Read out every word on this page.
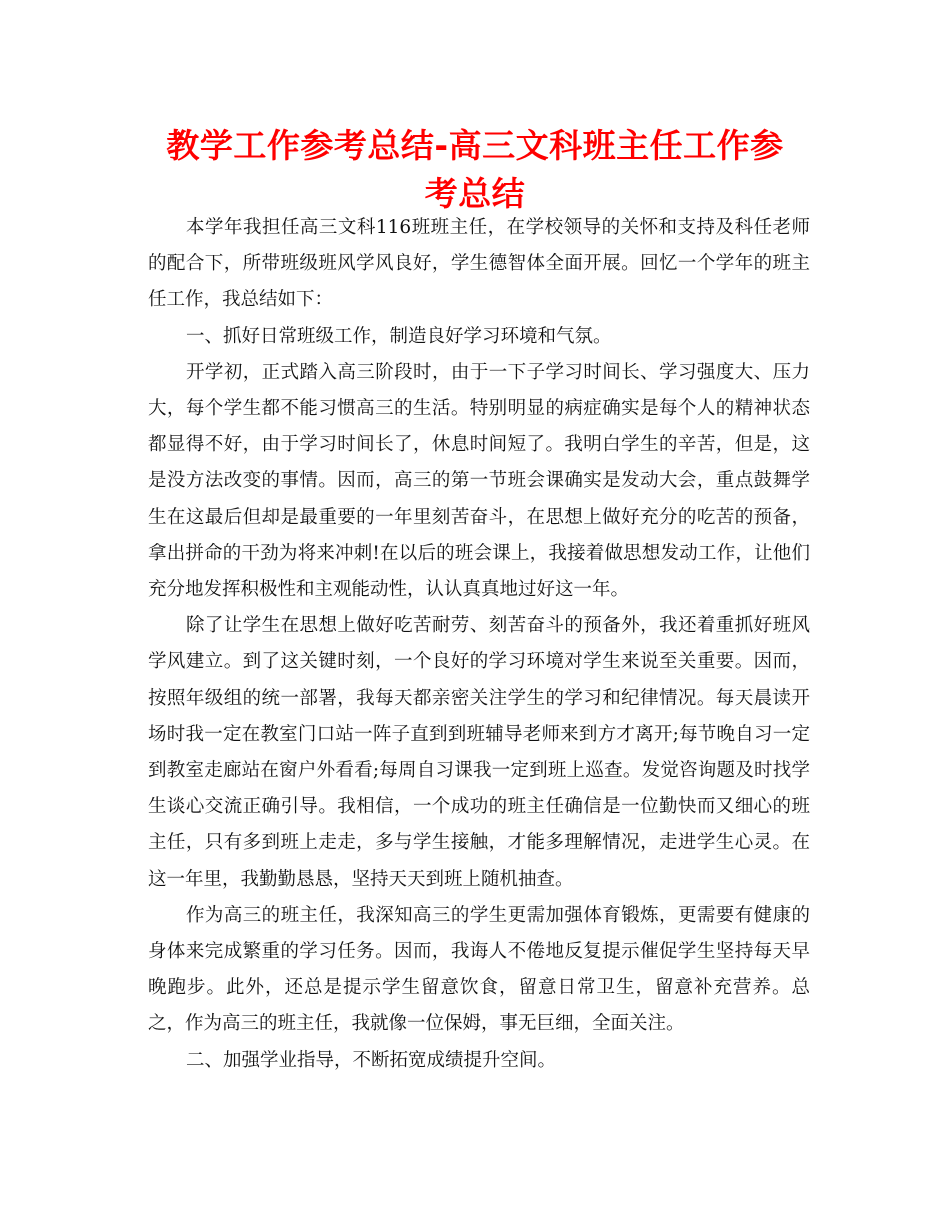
教学工作参考总结-高三文科班主任工作参考总结

本学年我担任高三文科116班班主任，在学校领导的关怀和支持及科任老师的配合下，所带班级班风学风良好，学生德智体全面开展。回忆一个学年的班主任工作，我总结如下：

一、抓好日常班级工作，制造良好学习环境和气氛。

开学初，正式踏入高三阶段时，由于一下子学习时间长、学习强度大、压力大，每个学生都不能习惯高三的生活。特别明显的病症确实是每个人的精神状态都显得不好，由于学习时间长了，休息时间短了。我明白学生的辛苦，但是，这是没方法改变的事情。因而，高三的第一节班会课确实是发动大会，重点鼓舞学生在这最后但却是最重要的一年里刻苦奋斗，在思想上做好充分的吃苦的预备，拿出拼命的干劲为将来冲刺!在以后的班会课上，我接着做思想发动工作，让他们充分地发挥积极性和主观能动性，认认真真地过好这一年。

除了让学生在思想上做好吃苦耐劳、刻苦奋斗的预备外，我还着重抓好班风学风建立。到了这关键时刻，一个良好的学习环境对学生来说至关重要。因而，按照年级组的统一部署，我每天都亲密关注学生的学习和纪律情况。每天晨读开场时我一定在教室门口站一阵子直到到班辅导老师来到方才离开;每节晚自习一定到教室走廊站在窗户外看看;每周自习课我一定到班上巡查。发觉咨询题及时找学生谈心交流正确引导。我相信，一个成功的班主任确信是一位勤快而又细心的班主任，只有多到班上走走，多与学生接触，才能多理解情况，走进学生心灵。在这一年里，我勤勤恳恳，坚持天天到班上随机抽查。

作为高三的班主任，我深知高三的学生更需加强体育锻炼，更需要有健康的身体来完成繁重的学习任务。因而，我诲人不倦地反复提示催促学生坚持每天早晚跑步。此外，还总是提示学生留意饮食，留意日常卫生，留意补充营养。总之，作为高三的班主任，我就像一位保姆，事无巨细，全面关注。

二、加强学业指导，不断拓宽成绩提升空间。
